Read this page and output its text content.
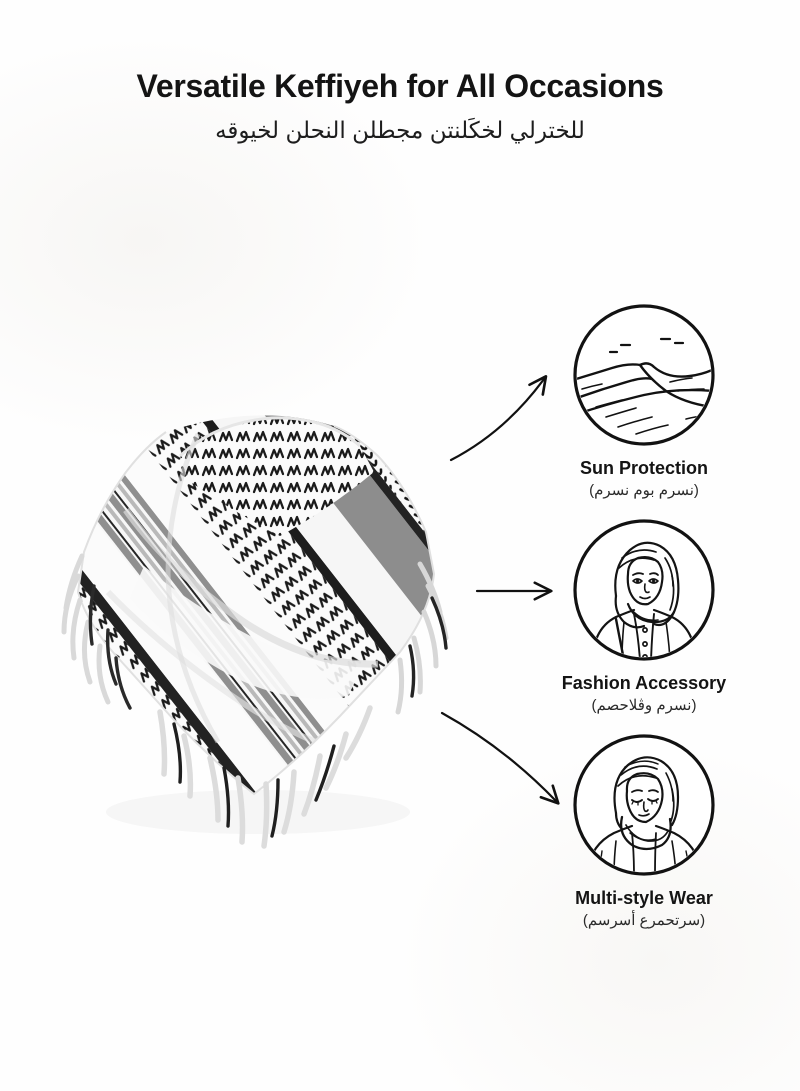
Versatile Keffiyeh for All Occasions
للخترلي لخكَلنتن مجطلن النحلن لخيوقه
Sun Protection
(نسرم بوم نسرم)
Fashion Accessory
(نسرم وڤلاحصم)
Multi-style Wear
(سرتحمرع أسرسم)
